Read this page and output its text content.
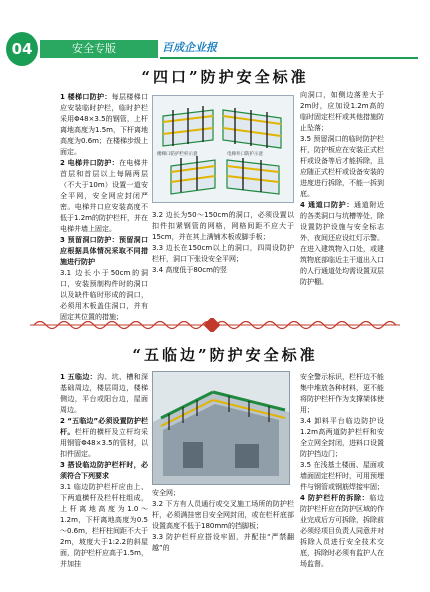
04	安全专版	百成企业报
“四口”防护安全标准

1 楼梯口防护：每层楼梯口应安装临时护栏，临时护栏采用Φ48×3.5的钢管，上杆离地高度为1.5m，下杆离地高度为0.6m；在楼梯步级上面定。

2 电梯井口防护：在电梯井首层和首层以上每隔两层（不大于10m）设置一道安全平网，安全网应封闭严密。电梯井口应安装高度不低于1.2m的防护栏杆，并在电梯井墙上固定。

3 预留洞口防护：预留洞口应根据具体情况采取不同措施进行防护

3.1 边长小于50cm的洞口，安装预制构件时的洞口以及缺件临时形成的洞口，必须用木板盖住洞口，并有固定其位置的措施；

楼梯口防护栏杆示意	电梯井口防护示意

3.2 边长为50～150cm的洞口，必须设置以扣件扣紧钢管的网格，网格间距不应大于15cm，并在其上满铺木板或脚手板；

3.3 边长在150cm以上的洞口，四周设防护栏杆，洞口下张设安全平网；

3.4 高度低于80cm的竖

向洞口，如侧边落差大于2m时，应加设1.2m高的临时固定栏杆或其他措施防止坠落；

3.5 预留洞口的临时防护栏杆，防护板应在安装正式栏杆或设备等后才能拆除，且应随正式栏杆或设备安装的进度进行拆除，不能一拆到底。

4 通道口防护：通道附近的各类洞口与坑槽等处，除设置防护设施与安全标志外，夜间还应设红灯示警。在进入建筑物入口处，或建筑物底部临近主干道出入口的人行通道处均需设置双层防护棚。

“五临边”防护安全标准

1 五临边：沟、坑、槽和深基础周边，楼层周边，楼梯侧边，平台或阳台边，屋面周边。

2 “五临边”必须设置防护栏杆。栏杆的横杆及立杆均采用钢管Φ48×3.5的管材，以扣件固定。

3 搭设临边防护栏杆时，必须符合下列要求

3.1 临边防护栏杆应由上、下两道横杆及栏杆柱组成，上杆离地高度为1.0～1.2m，下杆离地高度为0.5～0.6m，栏杆柱间距不大于2m，坡度大于1:2.2的斜屋面，防护栏杆应高于1.5m，并加挂

安全网；

3.2 下方有人员通行或交叉施工场所的防护栏杆，必须满挂密目安全网封闭，或在栏杆底部设置高度不低于180mm的挡脚板；

3.3 防护栏杆应搭设牢固，并配挂“严禁翻越”的

安全警示标识，栏杆边不能集中堆放各种材料，更不能将防护栏杆作为支撑架体使用；

3.4 卸料平台临边防护设1.2m高两道防护栏杆和安全立网全封闭，进料口设置防护挡边门；

3.5 在浅基土楼面、屋面或墙面固定栏杆时，可用预埋件与钢管或钢筋焊接牢固；

4 防护栏杆的拆除：临边防护栏杆应在防护区域的作业完成后方可拆除，拆除前必须经项目负责人同意并对拆除人员进行安全技术交底，拆除时必须有监护人在场监督。
